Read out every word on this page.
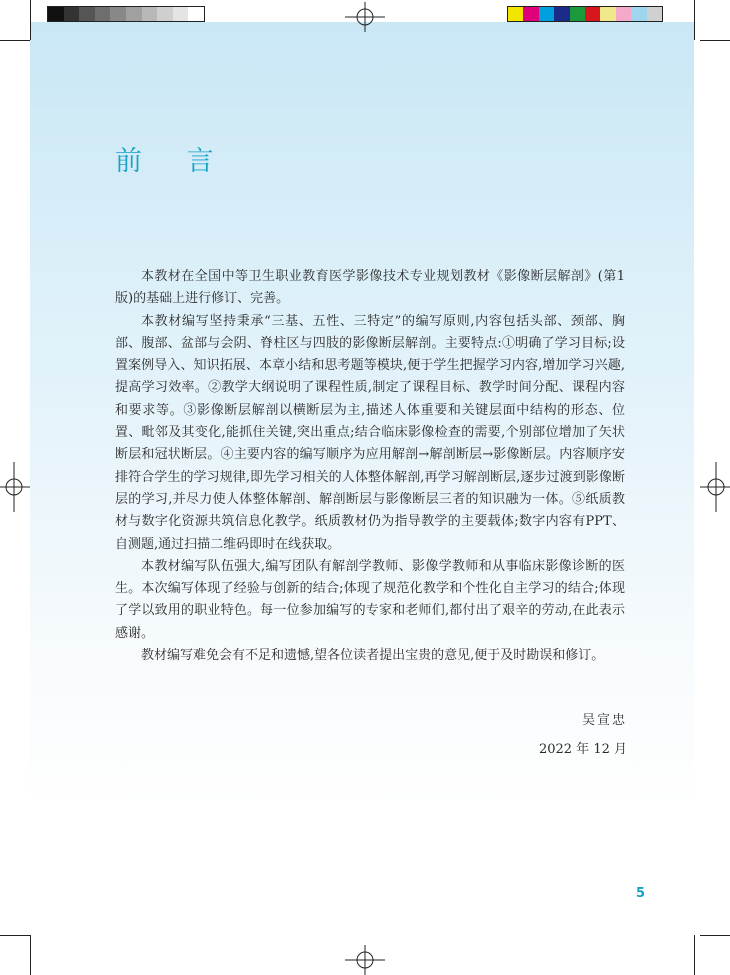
前 言

本教材在全国中等卫生职业教育医学影像技术专业规划教材《影像断层解剖》(第1版)的基础上进行修订、完善。

本教材编写坚持秉承“三基、五性、三特定”的编写原则,内容包括头部、颈部、胸部、腹部、盆部与会阴、脊柱区与四肢的影像断层解剖。主要特点:①明确了学习目标;设置案例导入、知识拓展、本章小结和思考题等模块,便于学生把握学习内容,增加学习兴趣,提高学习效率。②教学大纲说明了课程性质,制定了课程目标、教学时间分配、课程内容和要求等。③影像断层解剖以横断层为主,描述人体重要和关键层面中结构的形态、位置、毗邻及其变化,能抓住关键,突出重点;结合临床影像检查的需要,个别部位增加了矢状断层和冠状断层。④主要内容的编写顺序为应用解剖→解剖断层→影像断层。内容顺序安排符合学生的学习规律,即先学习相关的人体整体解剖,再学习解剖断层,逐步过渡到影像断层的学习,并尽力使人体整体解剖、解剖断层与影像断层三者的知识融为一体。⑤纸质教材与数字化资源共筑信息化教学。纸质教材仍为指导教学的主要载体;数字内容有PPT、自测题,通过扫描二维码即时在线获取。

本教材编写队伍强大,编写团队有解剖学教师、影像学教师和从事临床影像诊断的医生。本次编写体现了经验与创新的结合;体现了规范化教学和个性化自主学习的结合;体现了学以致用的职业特色。每一位参加编写的专家和老师们,都付出了艰辛的劳动,在此表示感谢。

教材编写难免会有不足和遗憾,望各位读者提出宝贵的意见,便于及时勘误和修订。

吴宣忠
2022 年 12 月
5
